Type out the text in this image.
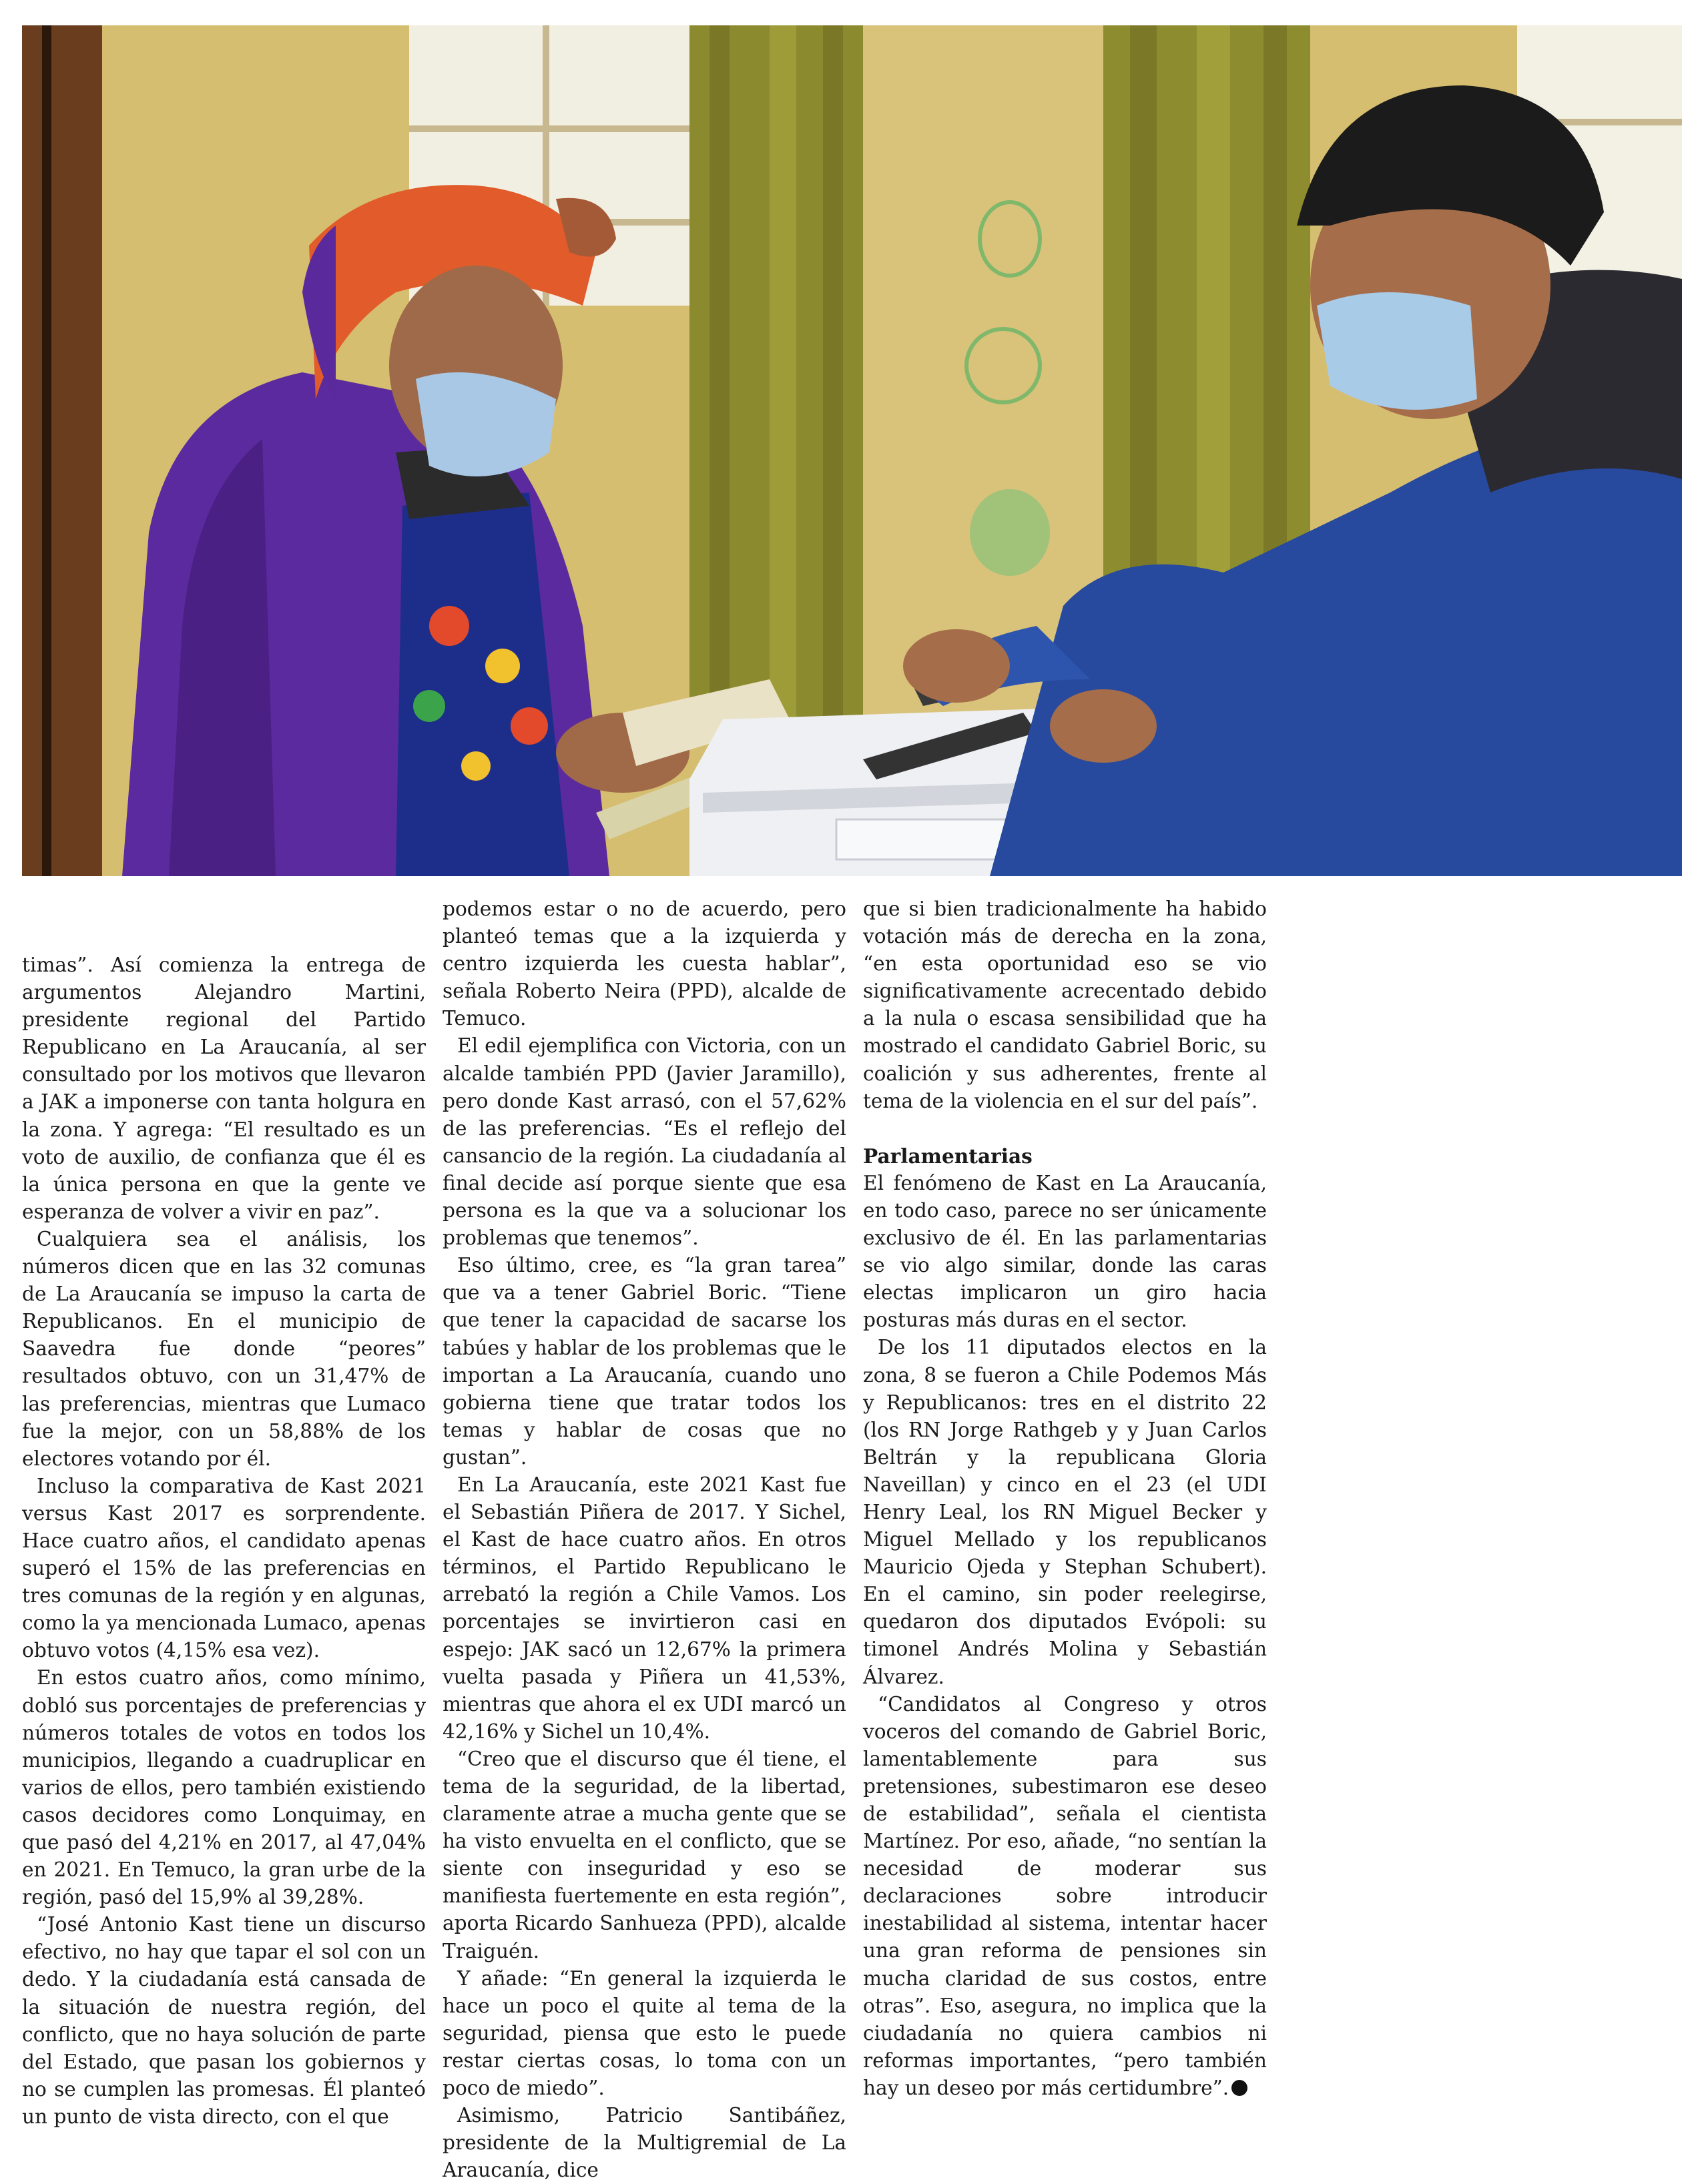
timas”. Así comienza la entrega de argumentos Alejandro Martini, presidente regional del Partido Republicano en La Araucanía, al ser consultado por los motivos que llevaron a JAK a imponerse con tanta holgura en la zona. Y agrega: “El resultado es un voto de auxilio, de confianza que él es la única persona en que la gente ve esperanza de volver a vivir en paz”.

Cualquiera sea el análisis, los números dicen que en las 32 comunas de La Araucanía se impuso la carta de Republicanos. En el municipio de Saavedra fue donde “peores” resultados obtuvo, con un 31,47% de las preferencias, mientras que Lumaco fue la mejor, con un 58,88% de los electores votando por él.

Incluso la comparativa de Kast 2021 versus Kast 2017 es sorprendente. Hace cuatro años, el candidato apenas superó el 15% de las preferencias en tres comunas de la región y en algunas, como la ya mencionada Lumaco, apenas obtuvo votos (4,15% esa vez).

En estos cuatro años, como mínimo, dobló sus porcentajes de preferencias y números totales de votos en todos los municipios, llegando a cuadruplicar en varios de ellos, pero también existiendo casos decidores como Lonquimay, en que pasó del 4,21% en 2017, al 47,04% en 2021. En Temuco, la gran urbe de la región, pasó del 15,9% al 39,28%.

“José Antonio Kast tiene un discurso efectivo, no hay que tapar el sol con un dedo. Y la ciudadanía está cansada de la situación de nuestra región, del conflicto, que no haya solución de parte del Estado, que pasan los gobiernos y no se cumplen las promesas. Él planteó un punto de vista directo, con el que

podemos estar o no de acuerdo, pero planteó temas que a la izquierda y centro izquierda les cuesta hablar”, señala Roberto Neira (PPD), alcalde de Temuco.

El edil ejemplifica con Victoria, con un alcalde también PPD (Javier Jaramillo), pero donde Kast arrasó, con el 57,62% de las preferencias. “Es el reflejo del cansancio de la región. La ciudadanía al final decide así porque siente que esa persona es la que va a solucionar los problemas que tenemos”.

Eso último, cree, es “la gran tarea” que va a tener Gabriel Boric. “Tiene que tener la capacidad de sacarse los tabúes y hablar de los problemas que le importan a La Araucanía, cuando uno gobierna tiene que tratar todos los temas y hablar de cosas que no gustan”.

En La Araucanía, este 2021 Kast fue el Sebastián Piñera de 2017. Y Sichel, el Kast de hace cuatro años. En otros términos, el Partido Republicano le arrebató la región a Chile Vamos. Los porcentajes se invirtieron casi en espejo: JAK sacó un 12,67% la primera vuelta pasada y Piñera un 41,53%, mientras que ahora el ex UDI marcó un 42,16% y Sichel un 10,4%.

“Creo que el discurso que él tiene, el tema de la seguridad, de la libertad, claramente atrae a mucha gente que se ha visto envuelta en el conflicto, que se siente con inseguridad y eso se manifiesta fuertemente en esta región”, aporta Ricardo Sanhueza (PPD), alcalde Traiguén.

Y añade: “En general la izquierda le hace un poco el quite al tema de la seguridad, piensa que esto le puede restar ciertas cosas, lo toma con un poco de miedo”.

Asimismo, Patricio Santibáñez, presidente de la Multigremial de La Araucanía, dice

que si bien tradicionalmente ha habido votación más de derecha en la zona, “en esta oportunidad eso se vio significativamente acrecentado debido a la nula o escasa sensibilidad que ha mostrado el candidato Gabriel Boric, su coalición y sus adherentes, frente al tema de la violencia en el sur del país”.

Parlamentarias

El fenómeno de Kast en La Araucanía, en todo caso, parece no ser únicamente exclusivo de él. En las parlamentarias se vio algo similar, donde las caras electas implicaron un giro hacia posturas más duras en el sector.

De los 11 diputados electos en la zona, 8 se fueron a Chile Podemos Más y Republicanos: tres en el distrito 22 (los RN Jorge Rathgeb y y Juan Carlos Beltrán y la republicana Gloria Naveillan) y cinco en el 23 (el UDI Henry Leal, los RN Miguel Becker y Miguel Mellado y los republicanos Mauricio Ojeda y Stephan Schubert). En el camino, sin poder reelegirse, quedaron dos diputados Evópoli: su timonel Andrés Molina y Sebastián Álvarez.

“Candidatos al Congreso y otros voceros del comando de Gabriel Boric, lamentablemente para sus pretensiones, subestimaron ese deseo de estabilidad”, señala el cientista Martínez. Por eso, añade, “no sentían la necesidad de moderar sus declaraciones sobre introducir inestabilidad al sistema, intentar hacer una gran reforma de pensiones sin mucha claridad de sus costos, entre otras”. Eso, asegura, no implica que la ciudadanía no quiera cambios ni reformas importantes, “pero también hay un deseo por más certidumbre”.
